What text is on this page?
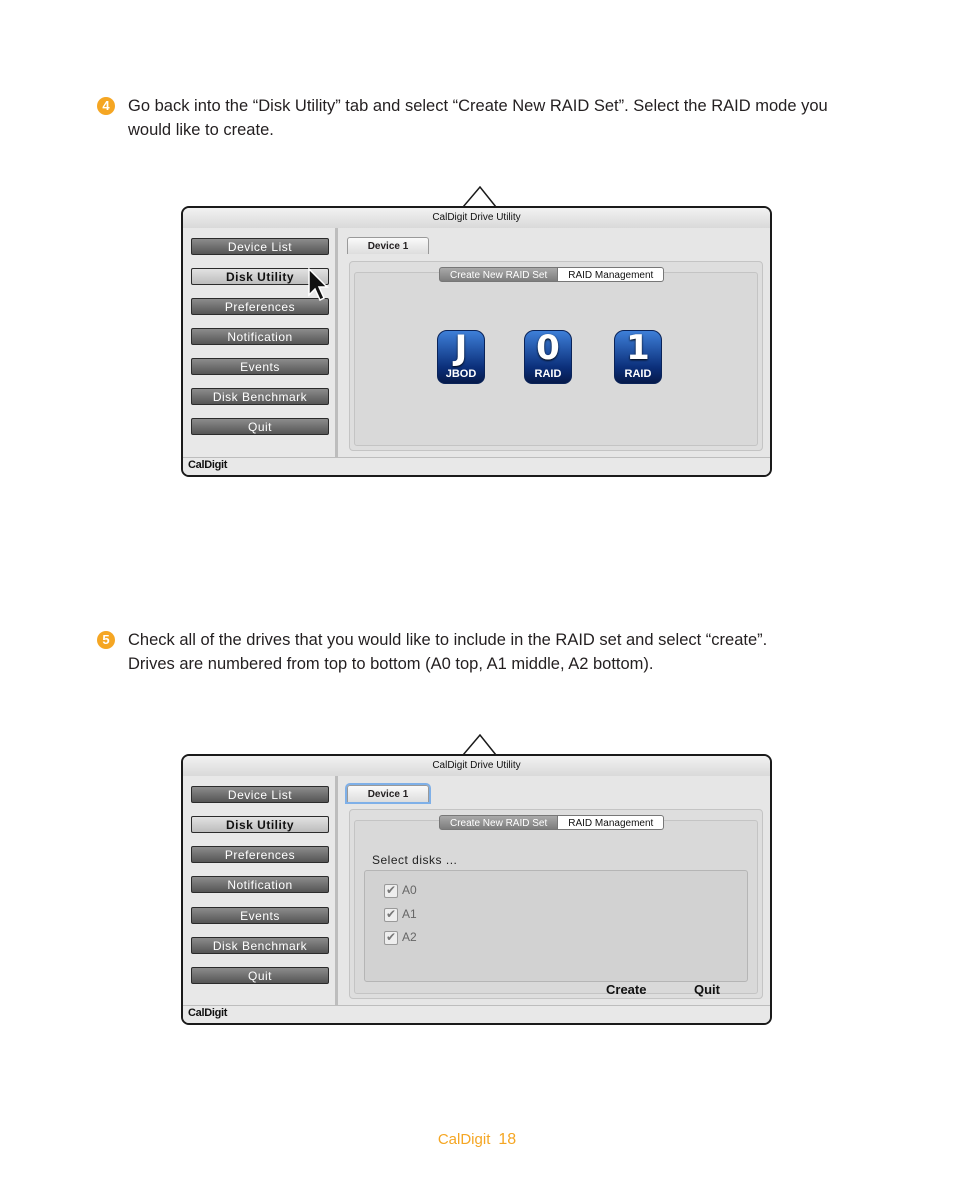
4	Go back into the “Disk Utility” tab and select “Create New RAID Set”. Select the RAID mode you
would like to create.
CalDigit Drive Utility
Device List
Disk Utility
Preferences
Notification
Events
Disk Benchmark
Quit
Device 1
Create New RAID Set	RAID Management
J
JBOD
0
RAID
1
RAID
CalDigit
5	Check all of the drives that you would like to include in the RAID set and select “create”.
Drives are numbered from top to bottom (A0 top, A1 middle, A2 bottom).
CalDigit Drive Utility
Device List
Disk Utility
Preferences
Notification
Events
Disk Benchmark
Quit
Device 1
Create New RAID Set	RAID Management
Select disks ...
✔A0
✔A1
✔A2
Create	Quit
CalDigit
CalDigit 18
